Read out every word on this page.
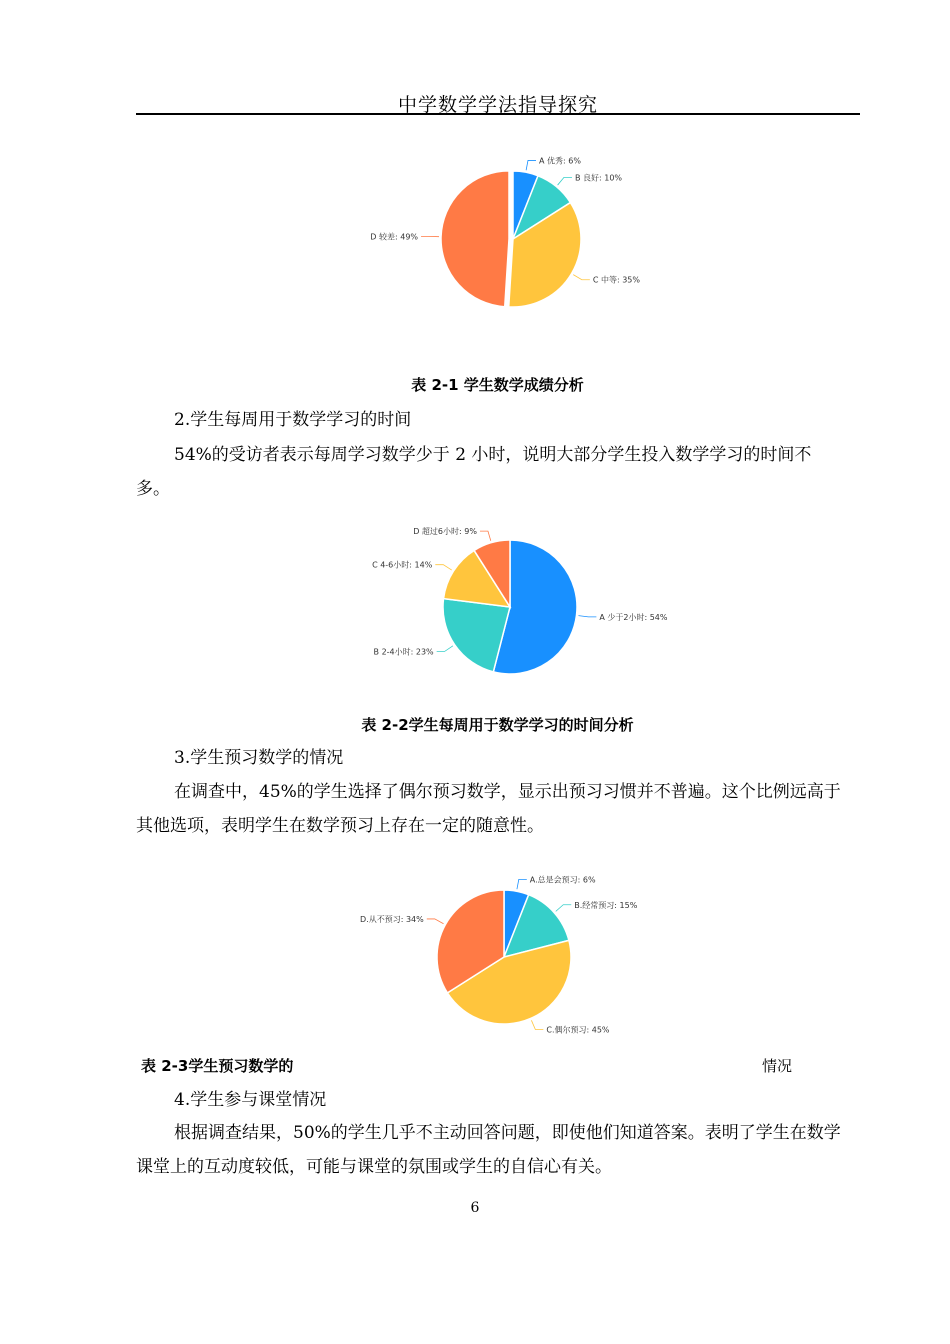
中学数学学法指导探究
A 优秀: 6%
B 良好: 10%
C 中等: 35%
D 较差: 49%
表 2-1 学生数学成绩分析
2.学生每周用于数学学习的时间
54%的受访者表示每周学习数学少于 2 小时，说明大部分学生投入数学学习的时间不多。
A 少于2小时: 54%
B 2-4小时: 23%
C 4-6小时: 14%
D 超过6小时: 9%
表 2-2学生每周用于数学学习的时间分析
3.学生预习数学的情况
在调查中，45%的学生选择了偶尔预习数学，显示出预习习惯并不普遍。这个比例远高于其他选项，表明学生在数学预习上存在一定的随意性。
A.总是会预习: 6%
B.经常预习: 15%
C.偶尔预习: 45%
D.从不预习: 34%
表 2-3学生预习数学的	情况
4.学生参与课堂情况
根据调查结果，50%的学生几乎不主动回答问题，即使他们知道答案。表明了学生在数学课堂上的互动度较低，可能与课堂的氛围或学生的自信心有关。
6
